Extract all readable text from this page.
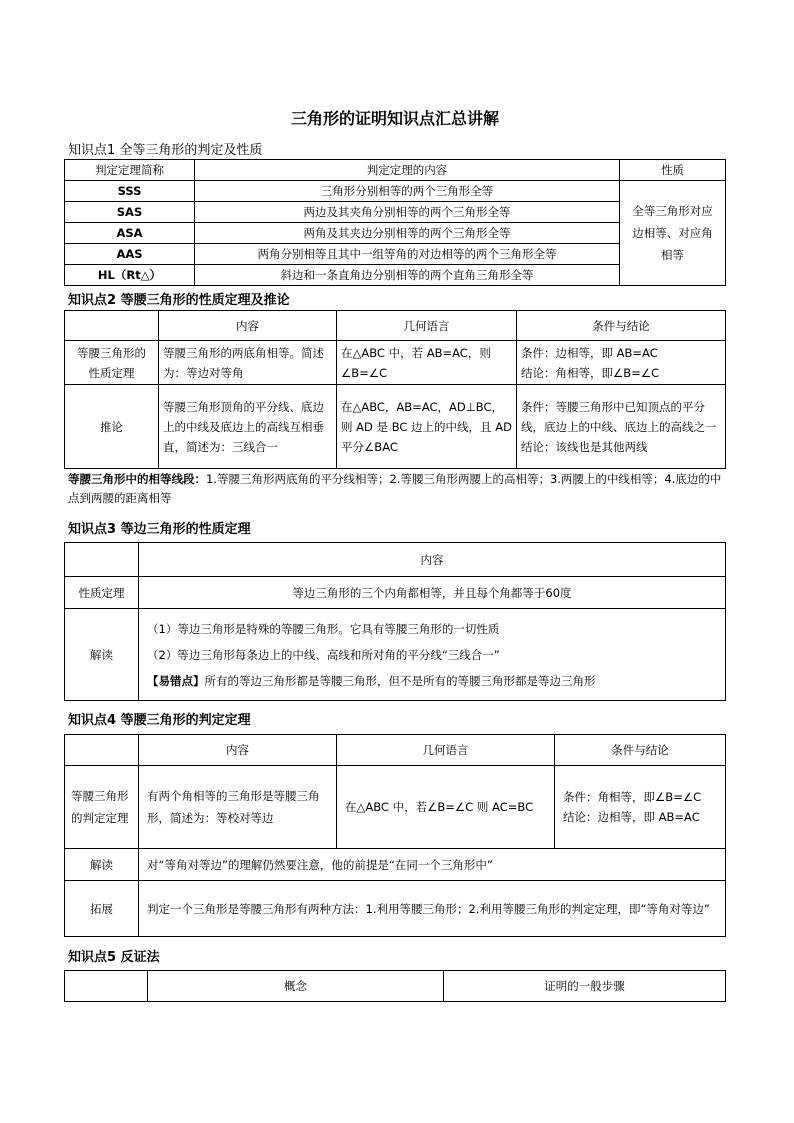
三角形的证明知识点汇总讲解
知识点1 全等三角形的判定及性质
判定定理简称	判定定理的内容	性质
SSS	三角形分别相等的两个三角形全等	全等三角形对应边相等、对应角相等
SAS	两边及其夹角分别相等的两个三角形全等	
ASA	两角及其夹边分别相等的两个三角形全等	
AAS	两角分别相等且其中一组等角的对边相等的两个三角形全等	
HL（Rt△）	斜边和一条直角边分别相等的两个直角三角形全等	
知识点2 等腰三角形的性质定理及推论
	内容	几何语言	条件与结论
等腰三角形的性质定理	等腰三角形的两底角相等。简述为：等边对等角	在△ABC 中，若 AB=AC，则∠B=∠C	条件：边相等，即 AB=AC
结论：角相等，即∠B=∠C

推论	等腰三角形顶角的平分线、底边上的中线及底边上的高线互相垂直，简述为：三线合一	在△ABC，AB=AC，AD⊥BC，则 AD 是 BC 边上的中线，且 AD 平分∠BAC	条件：等腰三角形中已知顶点的平分线，底边上的中线、底边上的高线之一
结论：该线也是其他两线
等腰三角形中的相等线段：1.等腰三角形两底角的平分线相等；2.等腰三角形两腰上的高相等；3.两腰上的中线相等；4.底边的中点到两腰的距离相等
知识点3 等边三角形的性质定理
	内容
性质定理	等边三角形的三个内角都相等，并且每个角都等于60度
解读	（1）等边三角形是特殊的等腰三角形。它具有等腰三角形的一切性质
（2）等边三角形每条边上的中线、高线和所对角的平分线“三线合一”
【易错点】所有的等边三角形都是等腰三角形，但不是所有的等腰三角形都是等边三角形
知识点4 等腰三角形的判定定理
	内容	几何语言	条件与结论
等腰三角形的判定定理	有两个角相等的三角形是等腰三角形，简述为：等校对等边	在△ABC 中，若∠B=∠C 则 AC=BC	条件：角相等，即∠B=∠C
结论：边相等，即 AB=AC

解读	对“等角对等边”的理解仍然要注意，他的前提是“在同一个三角形中”		
拓展	判定一个三角形是等腰三角形有两种方法：1.利用等腰三角形；2.利用等腰三角形的判定定理，即“等角对等边”		
知识点5 反证法
	概念	证明的一般步骤
